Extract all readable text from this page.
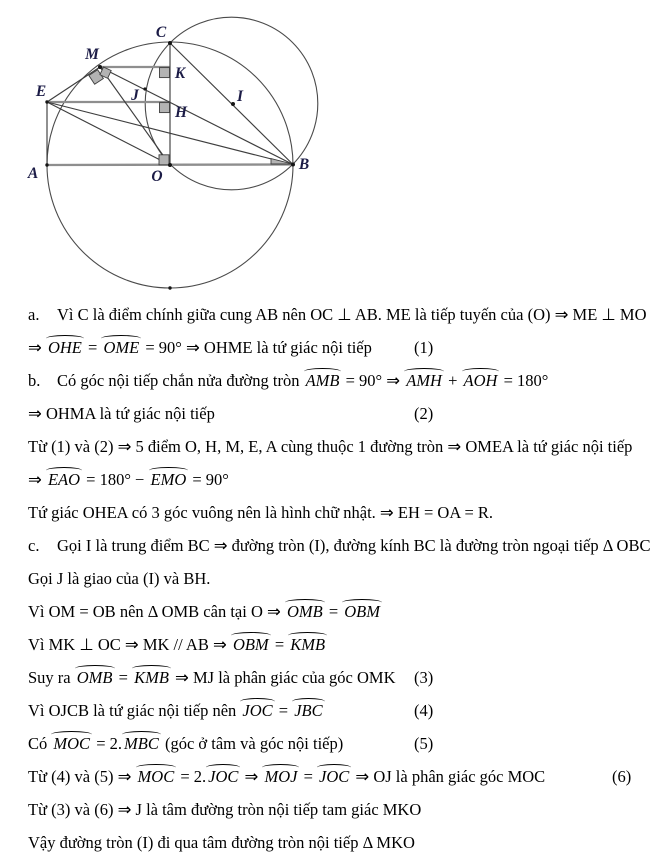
A
B
C
E
H
I
J
K
M
O

a. Vì C là điểm chính giữa cung AB nên OC ⊥ AB. ME là tiếp tuyến của (O) ⇒ ME ⊥ MO

⇒ OHE = OME = 90° ⇒ OHME là tứ giác nội tiếp	(1)

b. Có góc nội tiếp chắn nửa đường tròn AMB = 90° ⇒ AMH + AOH = 180°

⇒ OHMA là tứ giác nội tiếp	(2)

Từ (1) và (2) ⇒ 5 điểm O, H, M, E, A cùng thuộc 1 đường tròn ⇒ OMEA là tứ giác nội tiếp

⇒ EAO = 180° − EMO = 90°

Tứ giác OHEA có 3 góc vuông nên là hình chữ nhật. ⇒ EH = OA = R.

c. Gọi I là trung điểm BC ⇒ đường tròn (I), đường kính BC là đường tròn ngoại tiếp Δ OBC

Gọi J là giao của (I) và BH.

Vì OM = OB nên Δ OMB cân tại O ⇒ OMB = OBM

Vì MK ⊥ OC ⇒ MK // AB ⇒ OBM = KMB

Suy ra OMB = KMB ⇒ MJ là phân giác của góc OMK (3)

Vì OJCB là tứ giác nội tiếp nên JOC = JBC	(4)

Có MOC = 2. MBC (góc ở tâm và góc nội tiếp)	(5)

Từ (4) và (5) ⇒ MOC = 2. JOC ⇒ MOJ = JOC ⇒ OJ là phân giác góc MOC	(6)

Từ (3) và (6) ⇒ J là tâm đường tròn nội tiếp tam giác MKO

Vậy đường tròn (I) đi qua tâm đường tròn nội tiếp Δ MKO
